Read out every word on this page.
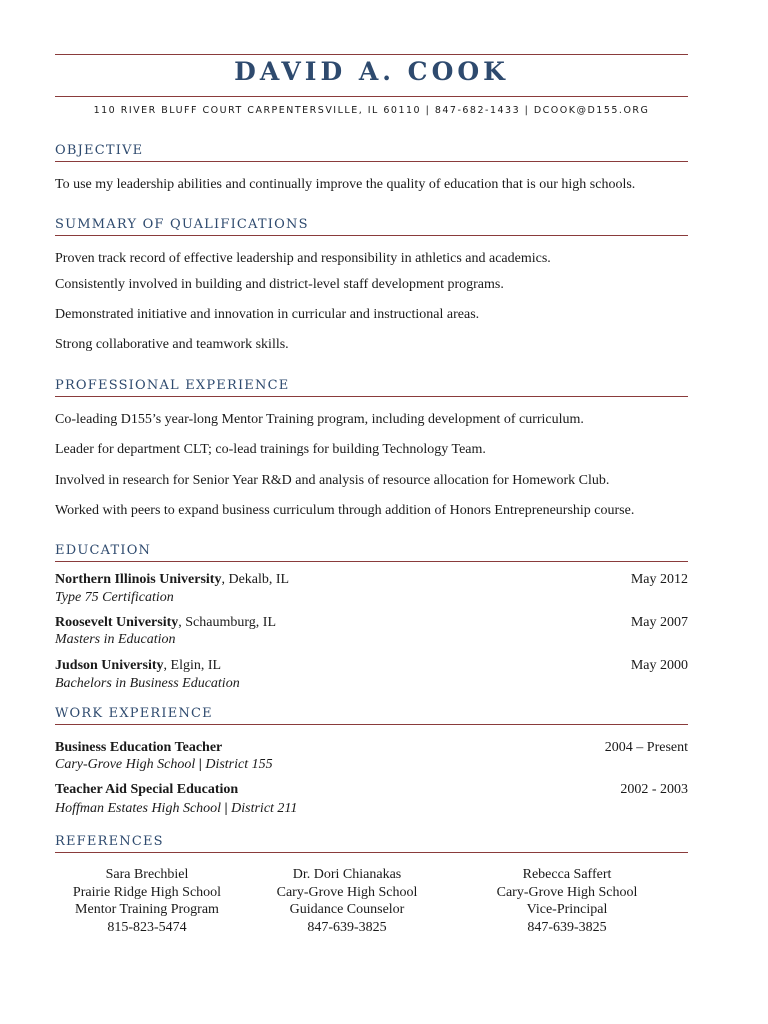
DAVID A. COOK
110 RIVER BLUFF COURT CARPENTERSVILLE, IL 60110 | 847-682-1433 | DCOOK@D155.ORG
OBJECTIVE
To use my leadership abilities and continually improve the quality of education that is our high schools.
SUMMARY OF QUALIFICATIONS
Proven track record of effective leadership and responsibility in athletics and academics.
Consistently involved in building and district-level staff development programs.
Demonstrated initiative and innovation in curricular and instructional areas.
Strong collaborative and teamwork skills.
PROFESSIONAL EXPERIENCE
Co-leading D155’s year-long Mentor Training program, including development of curriculum.
Leader for department CLT; co-lead trainings for building Technology Team.
Involved in research for Senior Year R&D and analysis of resource allocation for Homework Club.
Worked with peers to expand business curriculum through addition of Honors Entrepreneurship course.
EDUCATION
Northern Illinois University, Dekalb, IL	May 2012
Type 75 Certification
Roosevelt University, Schaumburg, IL	May 2007
Masters in Education
Judson University, Elgin, IL	May 2000
Bachelors in Business Education
WORK EXPERIENCE
Business Education Teacher	2004 – Present
Cary-Grove High School | District 155
Teacher Aid Special Education	2002 - 2003
Hoffman Estates High School | District 211
REFERENCES
Sara Brechbiel
Prairie Ridge High School
Mentor Training Program
815-823-5474
Dr. Dori Chianakas
Cary-Grove High School
Guidance Counselor
847-639-3825
Rebecca Saffert
Cary-Grove High School
Vice-Principal
847-639-3825
